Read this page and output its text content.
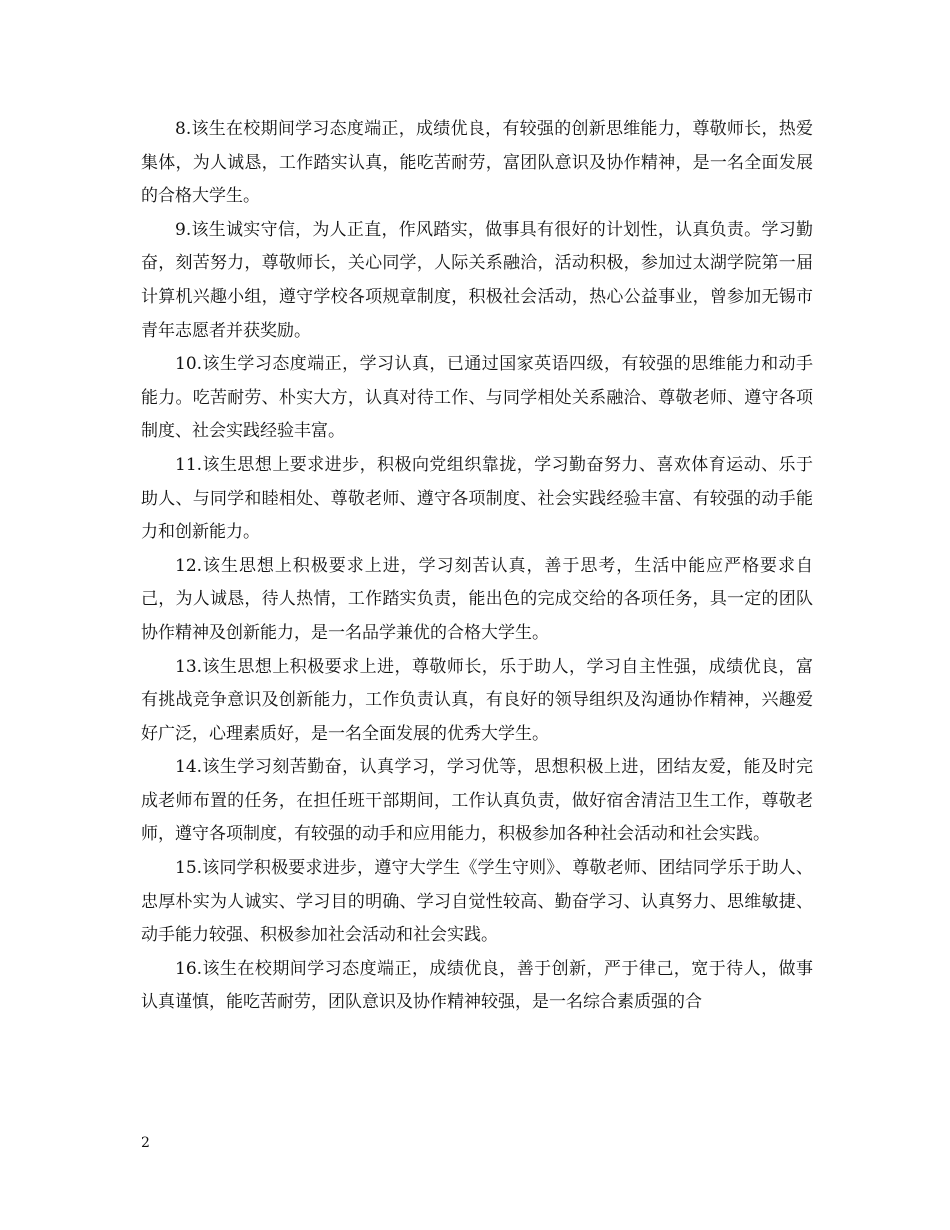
8.该生在校期间学习态度端正，成绩优良，有较强的创新思维能力，尊敬师长，热爱集体，为人诚恳，工作踏实认真，能吃苦耐劳，富团队意识及协作精神，是一名全面发展的合格大学生。

9.该生诚实守信，为人正直，作风踏实，做事具有很好的计划性，认真负责。学习勤奋，刻苦努力，尊敬师长，关心同学，人际关系融洽，活动积极，参加过太湖学院第一届计算机兴趣小组，遵守学校各项规章制度，积极社会活动，热心公益事业，曾参加无锡市青年志愿者并获奖励。

10.该生学习态度端正，学习认真，已通过国家英语四级，有较强的思维能力和动手能力。吃苦耐劳、朴实大方，认真对待工作、与同学相处关系融洽、尊敬老师、遵守各项制度、社会实践经验丰富。

11.该生思想上要求进步，积极向党组织靠拢，学习勤奋努力、喜欢体育运动、乐于助人、与同学和睦相处、尊敬老师、遵守各项制度、社会实践经验丰富、有较强的动手能力和创新能力。

12.该生思想上积极要求上进，学习刻苦认真，善于思考，生活中能应严格要求自己，为人诚恳，待人热情，工作踏实负责，能出色的完成交给的各项任务，具一定的团队协作精神及创新能力，是一名品学兼优的合格大学生。

13.该生思想上积极要求上进，尊敬师长，乐于助人，学习自主性强，成绩优良，富有挑战竞争意识及创新能力，工作负责认真，有良好的领导组织及沟通协作精神，兴趣爱好广泛，心理素质好，是一名全面发展的优秀大学生。

14.该生学习刻苦勤奋，认真学习，学习优等，思想积极上进，团结友爱，能及时完成老师布置的任务，在担任班干部期间，工作认真负责，做好宿舍清洁卫生工作，尊敬老师，遵守各项制度，有较强的动手和应用能力，积极参加各种社会活动和社会实践。

15.该同学积极要求进步，遵守大学生《学生守则》、尊敬老师、团结同学乐于助人、忠厚朴实为人诚实、学习目的明确、学习自觉性较高、勤奋学习、认真努力、思维敏捷、动手能力较强、积极参加社会活动和社会实践。

16.该生在校期间学习态度端正，成绩优良，善于创新，严于律己，宽于待人，做事认真谨慎，能吃苦耐劳，团队意识及协作精神较强，是一名综合素质强的合

2
